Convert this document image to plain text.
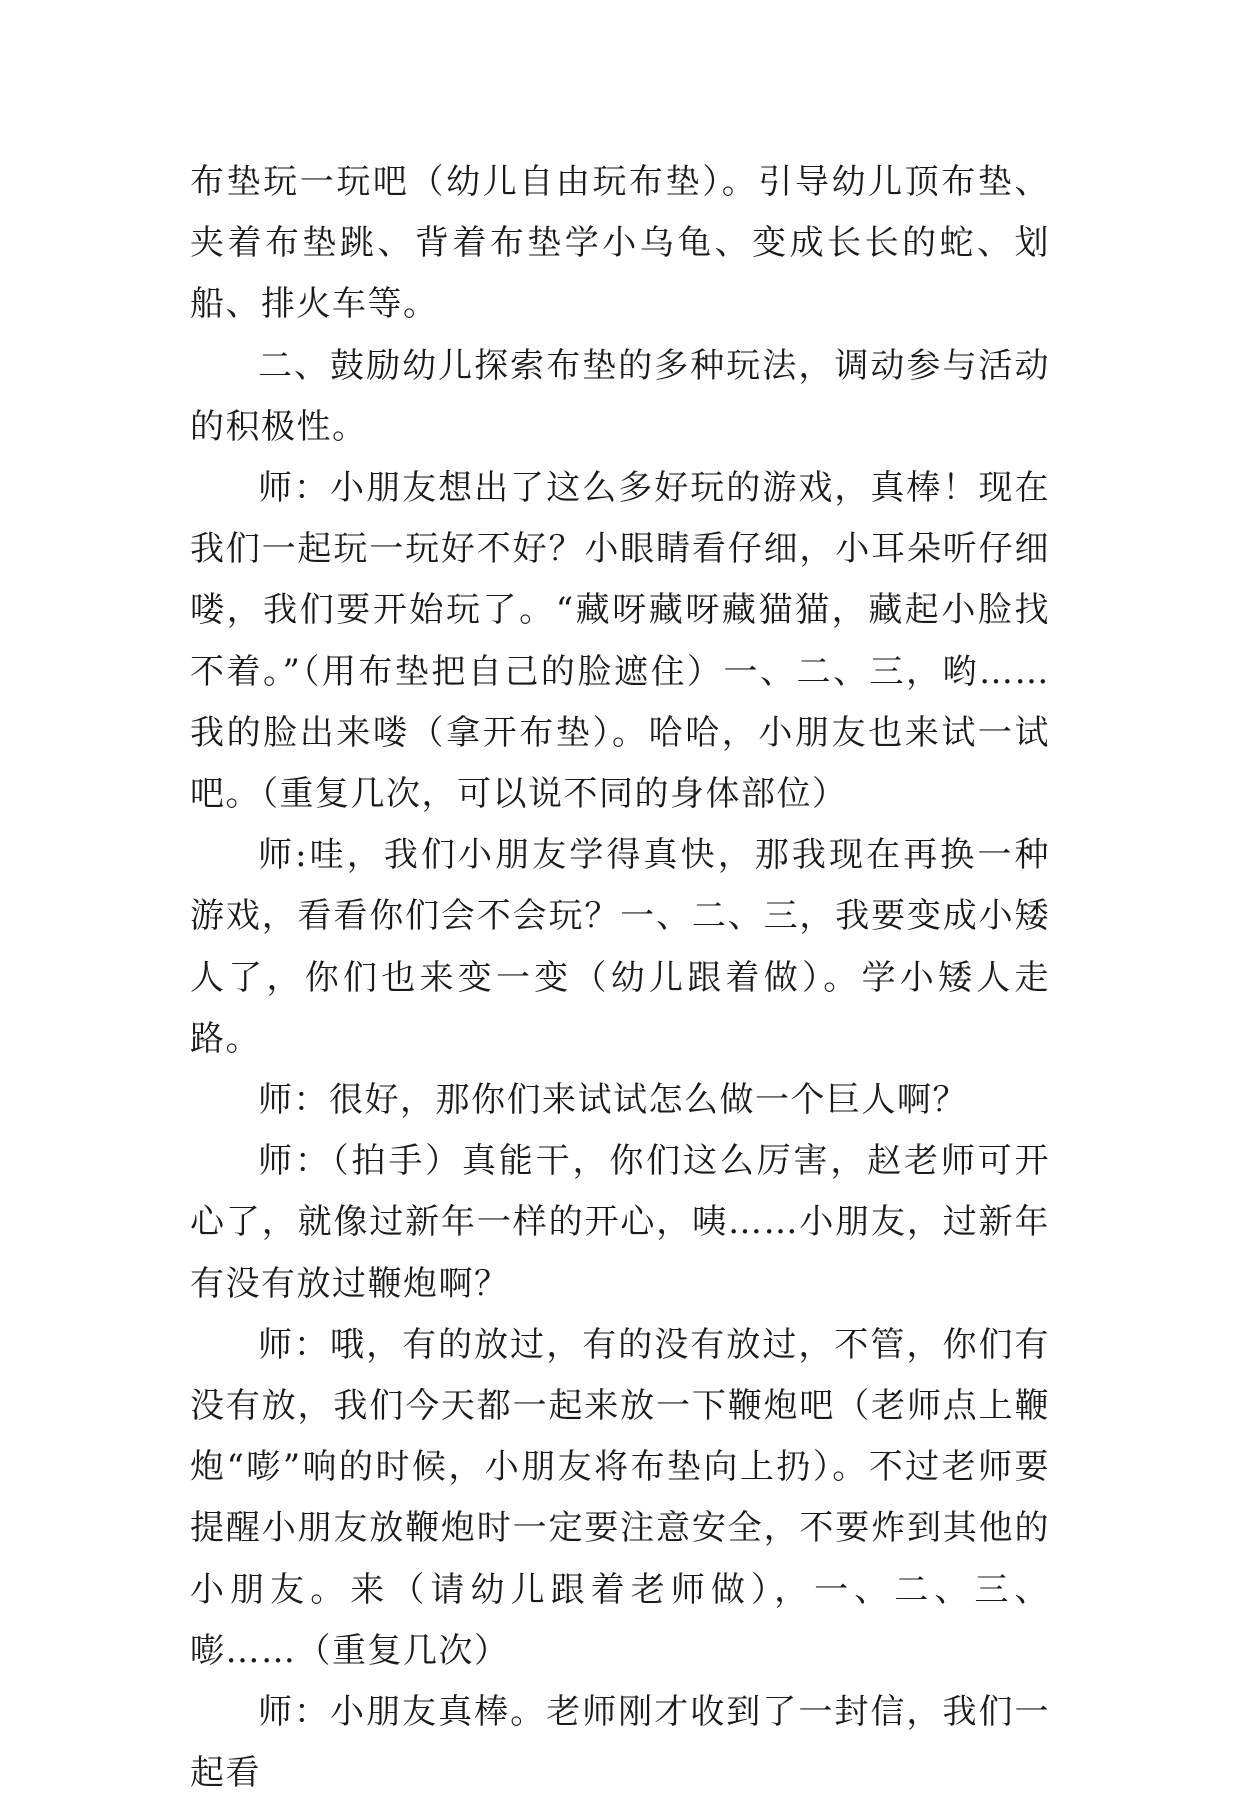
布垫玩一玩吧（幼儿自由玩布垫）。引导幼儿顶布垫、夹着布垫跳、背着布垫学小乌龟、变成长长的蛇、划船、排火车等。

二、鼓励幼儿探索布垫的多种玩法，调动参与活动的积极性。

师：小朋友想出了这么多好玩的游戏，真棒！现在我们一起玩一玩好不好？小眼睛看仔细，小耳朵听仔细喽，我们要开始玩了。“藏呀藏呀藏猫猫，藏起小脸找不着。”（用布垫把自己的脸遮住）一、二、三，哟……我的脸出来喽（拿开布垫）。哈哈，小朋友也来试一试吧。（重复几次，可以说不同的身体部位）

师:哇，我们小朋友学得真快，那我现在再换一种游戏，看看你们会不会玩？一、二、三，我要变成小矮人了，你们也来变一变（幼儿跟着做）。学小矮人走路。

师：很好，那你们来试试怎么做一个巨人啊？

师：（拍手）真能干，你们这么厉害，赵老师可开心了，就像过新年一样的开心，咦……小朋友，过新年有没有放过鞭炮啊？

师：哦，有的放过，有的没有放过，不管，你们有没有放，我们今天都一起来放一下鞭炮吧（老师点上鞭炮“嘭”响的时候，小朋友将布垫向上扔）。不过老师要提醒小朋友放鞭炮时一定要注意安全，不要炸到其他的小朋友。来（请幼儿跟着老师做），一、二、三、嘭……（重复几次）

师：小朋友真棒。老师刚才收到了一封信，我们一起看
